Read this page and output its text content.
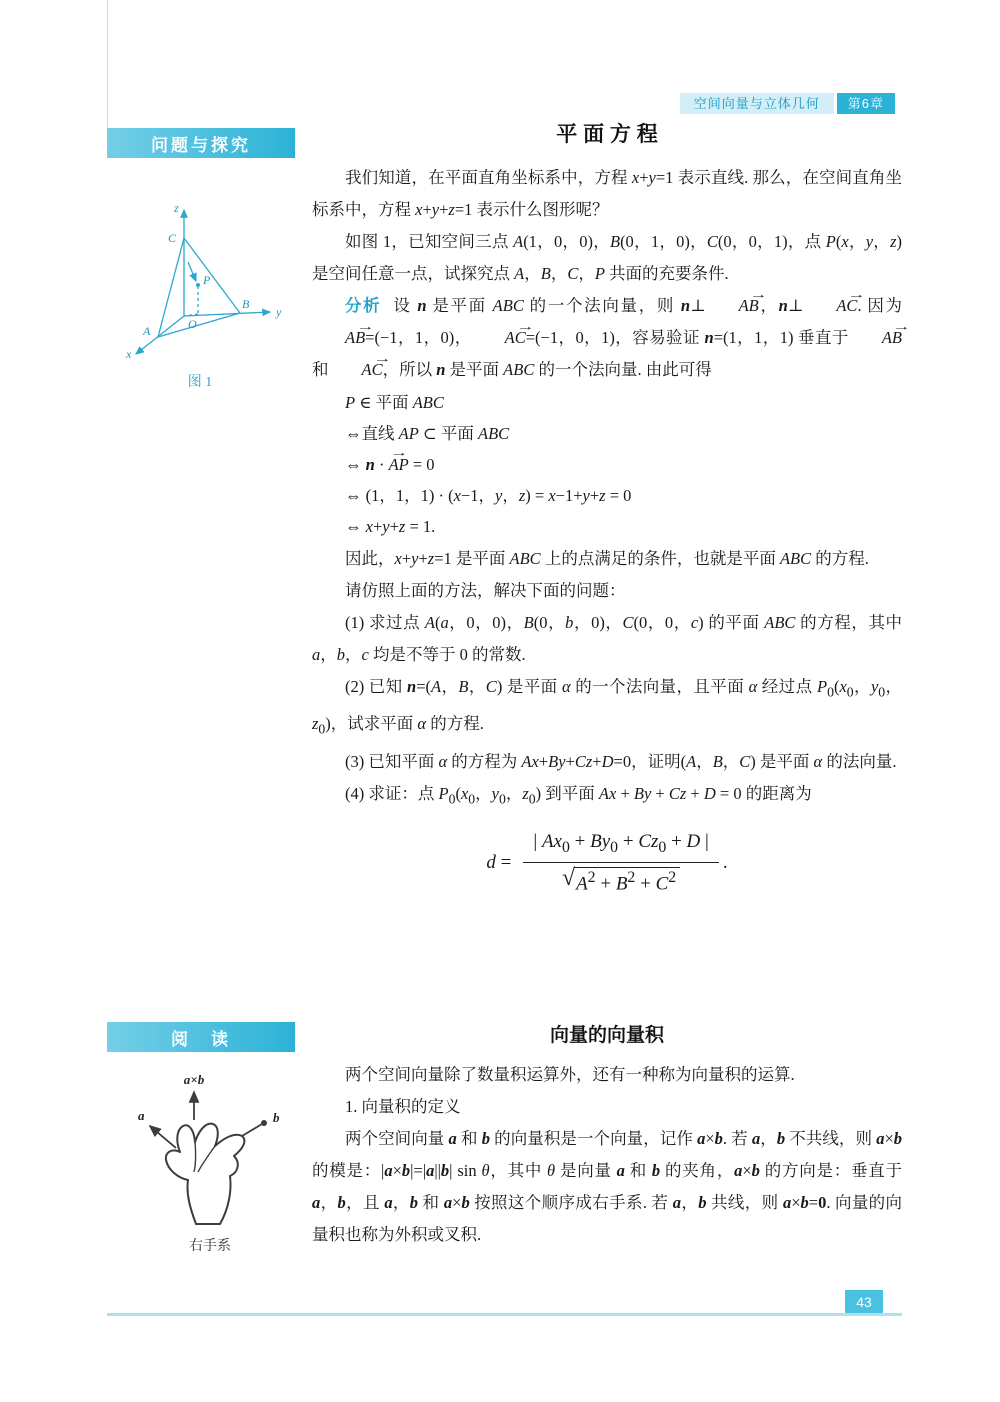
空间向量与立体几何	第6章
问题与探究
z
y
x
C
P
O
A
B
图 1
阅　读
a×b
a	b
右手系
平 面 方 程

我们知道，在平面直角坐标系中，方程 x+y=1 表示直线. 那么，在空间直角坐标系中，方程 x+y+z=1 表示什么图形呢？

如图 1，已知空间三点 A(1，0，0)，B(0，1，0)，C(0，0，1)，点 P(x，y，z) 是空间任意一点，试探究点 A，B，C，P 共面的充要条件.

分析 设 n 是平面 ABC 的一个法向量，则 n⊥ AB →，n⊥ AC →. 因为 AB →=(−1，1，0)， AC →=(−1，0，1)，容易验证 n=(1，1，1) 垂直于 AB →和 AC →，所以 n 是平面 ABC 的一个法向量. 由此可得

P ∈ 平面 ABC
⇔直线 AP ⊂ 平面 ABC
⇔ n · AP → = 0
⇔ (1，1，1) · (x−1，y，z) = x−1+y+z = 0
⇔ x+y+z = 1.

因此，x+y+z=1 是平面 ABC 上的点满足的条件，也就是平面 ABC 的方程.

请仿照上面的方法，解决下面的问题：

(1) 求过点 A(a，0，0)，B(0，b，0)，C(0，0，c) 的平面 ABC 的方程，其中 a，b，c 均是不等于 0 的常数.

(2) 已知 n=(A，B，C) 是平面 α 的一个法向量，且平面 α 经过点 $P_0(x_0$，$y_0$，$z_0$)，试求平面 α 的方程.

(3) 已知平面 α 的方程为 Ax+By+Cz+D=0，证明(A，B，C) 是平面 α 的法向量.

(4) 求证：点 $P_0(x_0$，$y_0$，$z_0$) 到平面 Ax + By + Cz + D = 0 的距离为

$d = \frac{| Ax_0 + By_0 + Cz_0 + D |}{√ A^2 + B^2 + C^2}$ .
向量的向量积

两个空间向量除了数量积运算外，还有一种称为向量积的运算.

1. 向量积的定义

两个空间向量 a 和 b 的向量积是一个向量，记作 a×b. 若 a，b 不共线，则 a×b 的模是：|a×b|=|a||b| sin θ，其中 θ 是向量 a 和 b 的夹角，a×b 的方向是：垂直于 a，b，且 a，b 和 a×b 按照这个顺序成右手系. 若 a，b 共线，则 a×b=0. 向量的向量积也称为外积或叉积.

43
